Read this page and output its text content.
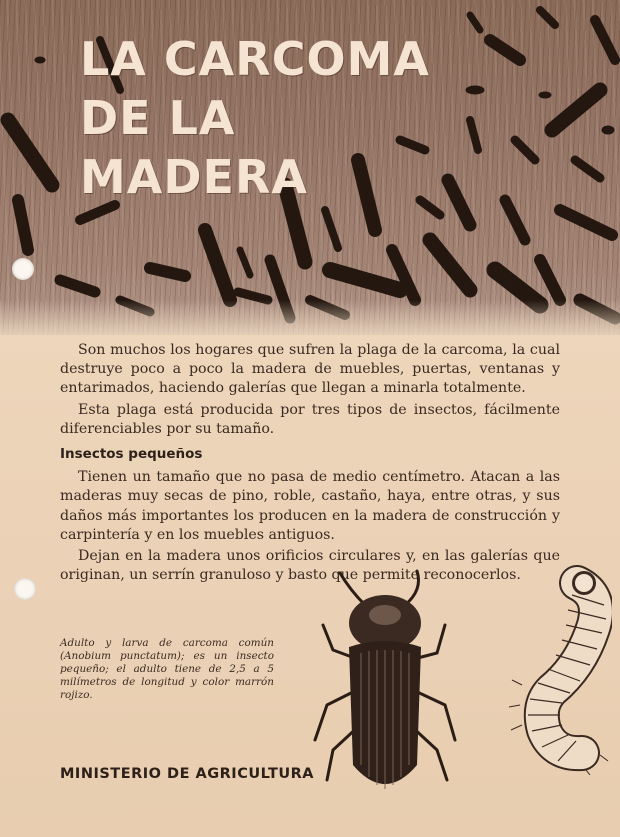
LA CARCOMA
DE LA
MADERA

Son muchos los hogares que sufren la plaga de la carcoma, la cual destruye poco a poco la madera de muebles, puertas, ventanas y entarimados, haciendo galerías que llegan a minarla totalmente.

Esta plaga está producida por tres tipos de insectos, fácilmente diferenciables por su tamaño.

Insectos pequeños

Tienen un tamaño que no pasa de medio centímetro. Atacan a las maderas muy secas de pino, roble, castaño, haya, entre otras, y sus daños más importantes los producen en la madera de construcción y carpintería y en los muebles antiguos.

Dejan en la madera unos orificios circulares y, en las galerías que originan, un serrín granuloso y basto que permite reconocerlos.

Adulto y larva de carcoma común (Anobium punctatum); es un insecto pequeño; el adulto tiene de 2,5 a 5 milímetros de longitud y color marrón rojizo.

MINISTERIO DE AGRICULTURA
